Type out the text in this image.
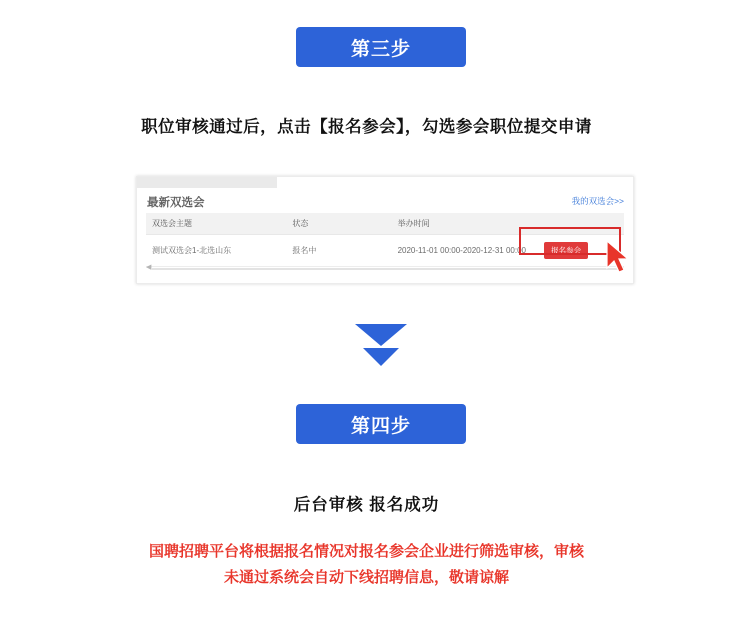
第三步
职位审核通过后，点击【报名参会】，勾选参会职位提交申请
最新双选会	我的双选会>>
双选会主题	状态	举办时间	
测试双选会1-北选山东	报名中	2020-11-01 00:00-2020-12-31 00:00	报名参会
◀
第四步
后台审核 报名成功
国聘招聘平台将根据报名情况对报名参会企业进行筛选审核，审核
未通过系统会自动下线招聘信息，敬请谅解
